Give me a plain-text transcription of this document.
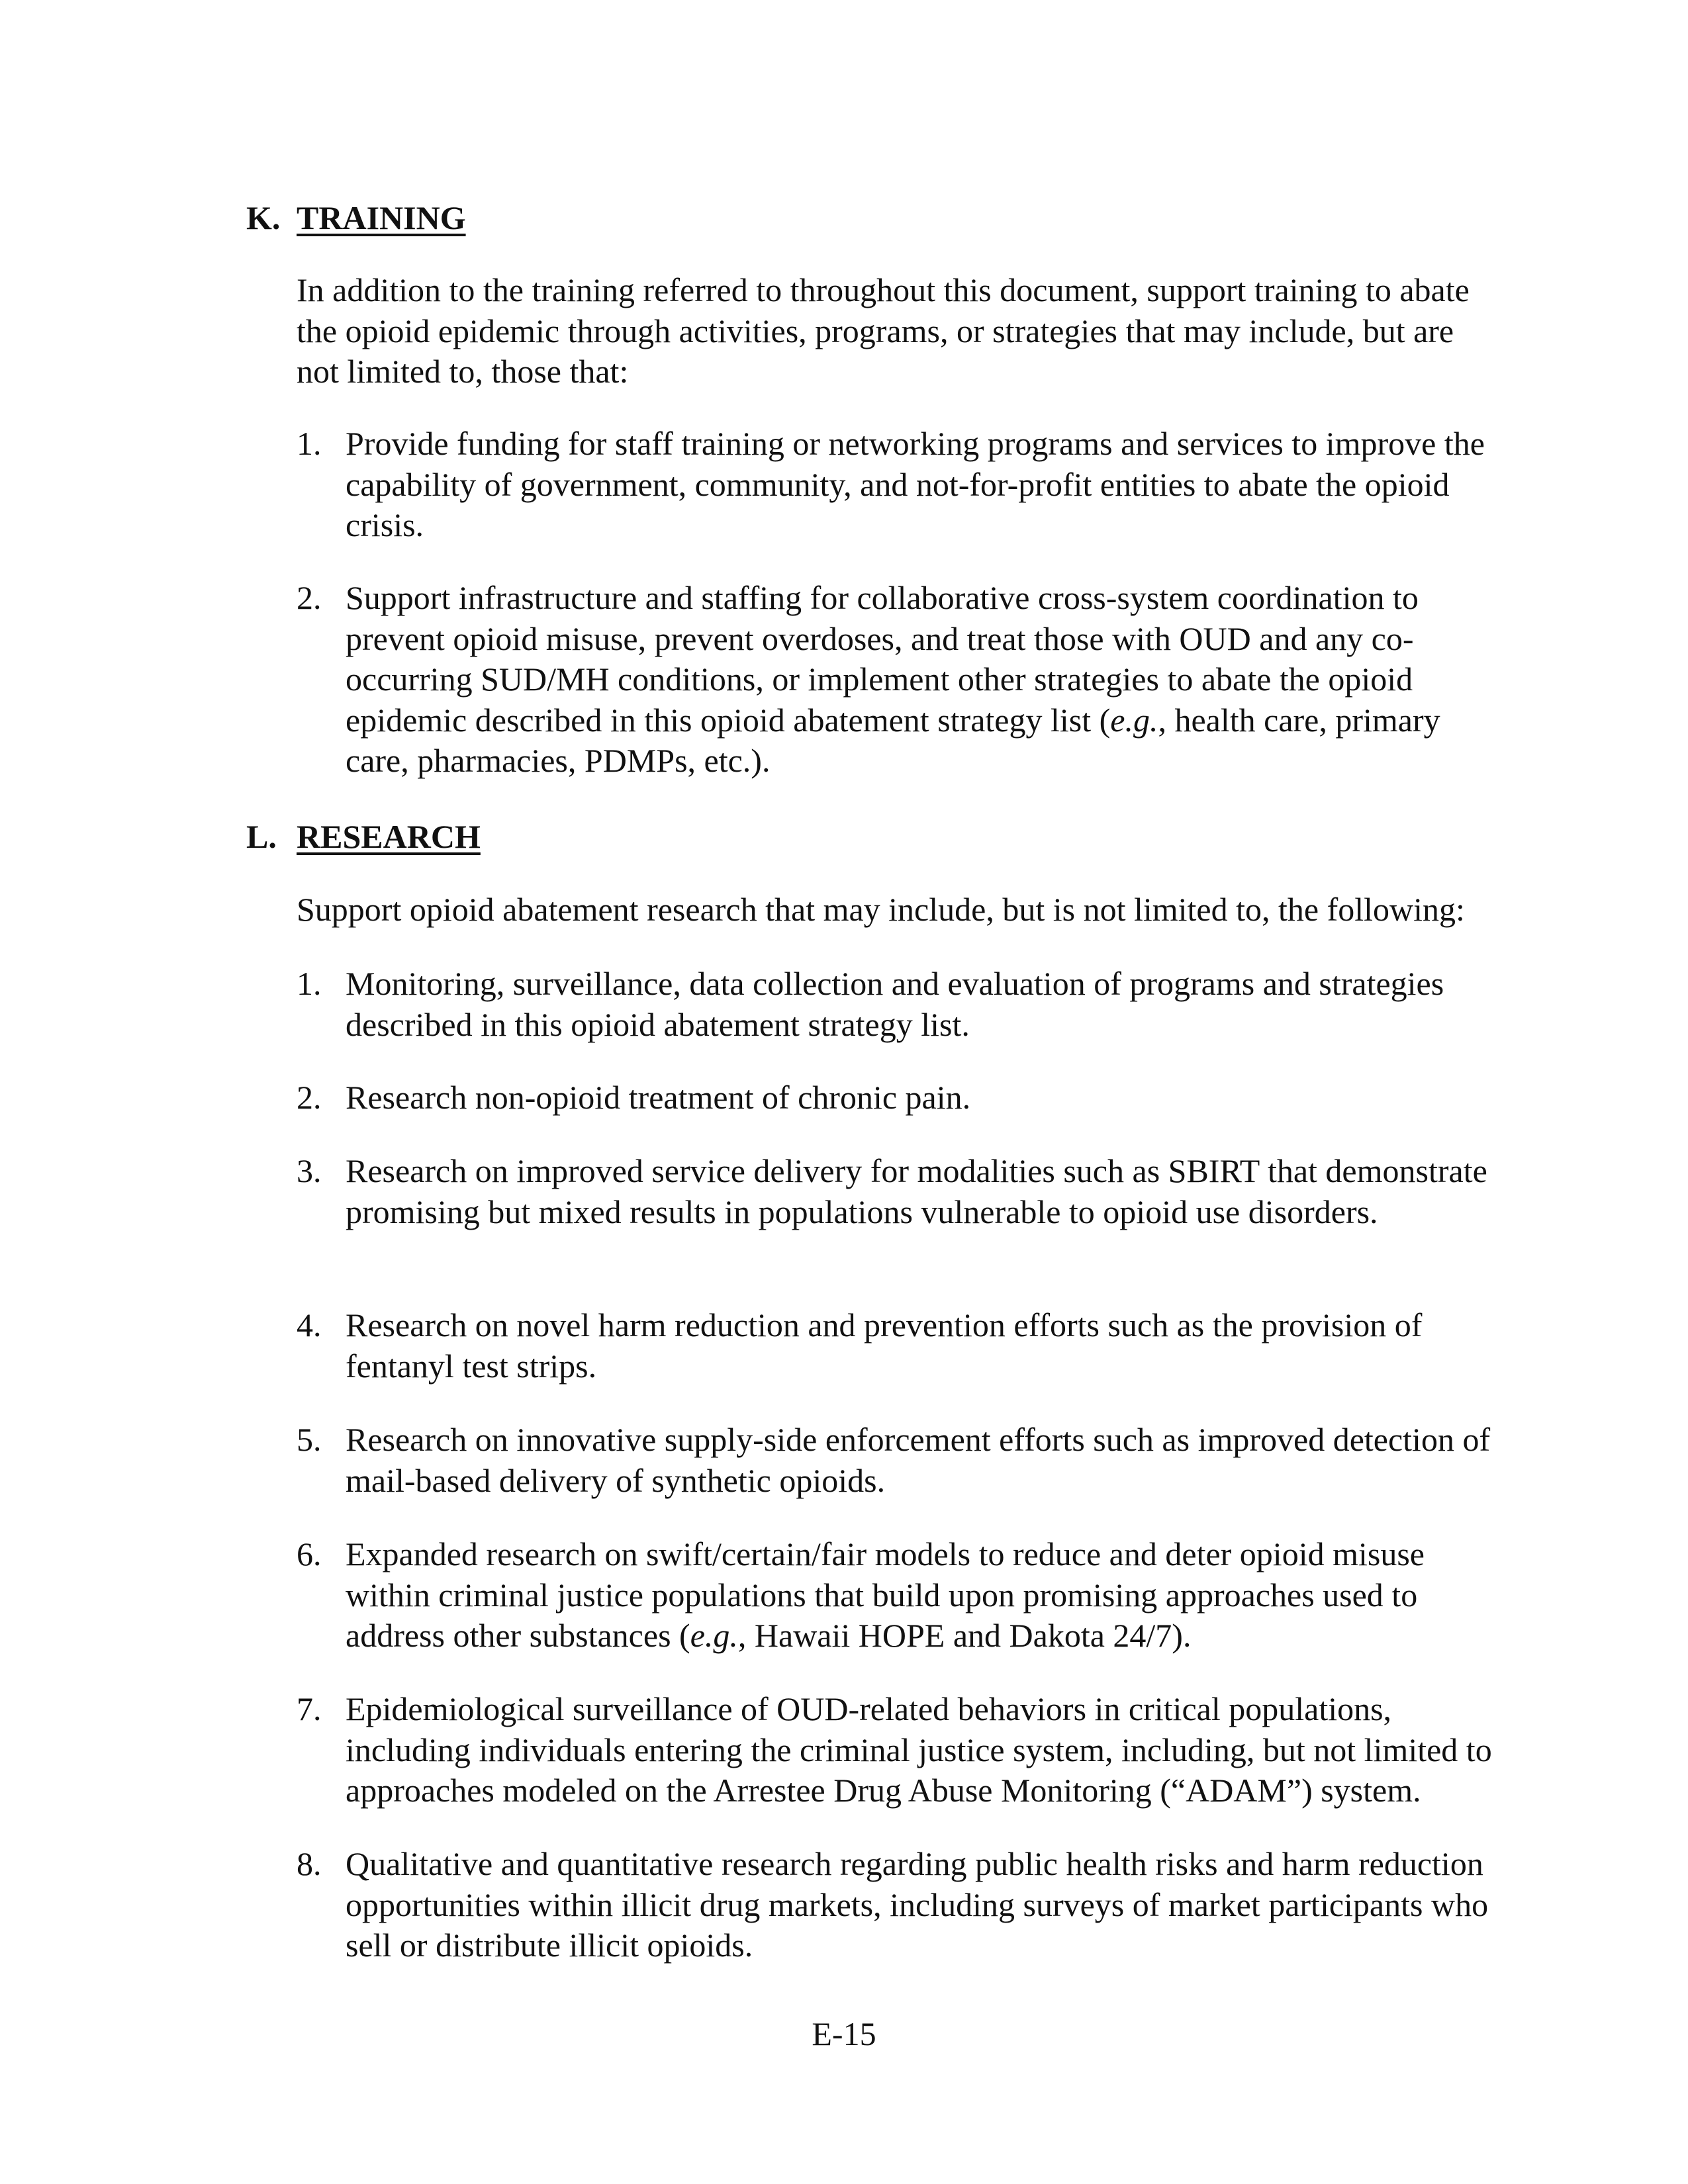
K. TRAINING
In addition to the training referred to throughout this document, support training to abate the opioid epidemic through activities, programs, or strategies that may include, but are not limited to, those that:
1. Provide funding for staff training or networking programs and services to improve the capability of government, community, and not-for-profit entities to abate the opioid crisis.
2. Support infrastructure and staffing for collaborative cross-system coordination to prevent opioid misuse, prevent overdoses, and treat those with OUD and any co-occurring SUD/MH conditions, or implement other strategies to abate the opioid epidemic described in this opioid abatement strategy list (e.g., health care, primary care, pharmacies, PDMPs, etc.).
L. RESEARCH
Support opioid abatement research that may include, but is not limited to, the following:
1. Monitoring, surveillance, data collection and evaluation of programs and strategies described in this opioid abatement strategy list.
2. Research non-opioid treatment of chronic pain.
3. Research on improved service delivery for modalities such as SBIRT that demonstrate promising but mixed results in populations vulnerable to opioid use disorders.
4. Research on novel harm reduction and prevention efforts such as the provision of fentanyl test strips.
5. Research on innovative supply-side enforcement efforts such as improved detection of mail-based delivery of synthetic opioids.
6. Expanded research on swift/certain/fair models to reduce and deter opioid misuse within criminal justice populations that build upon promising approaches used to address other substances (e.g., Hawaii HOPE and Dakota 24/7).
7. Epidemiological surveillance of OUD-related behaviors in critical populations, including individuals entering the criminal justice system, including, but not limited to approaches modeled on the Arrestee Drug Abuse Monitoring (“ADAM”) system.
8. Qualitative and quantitative research regarding public health risks and harm reduction opportunities within illicit drug markets, including surveys of market participants who sell or distribute illicit opioids.
E-15
